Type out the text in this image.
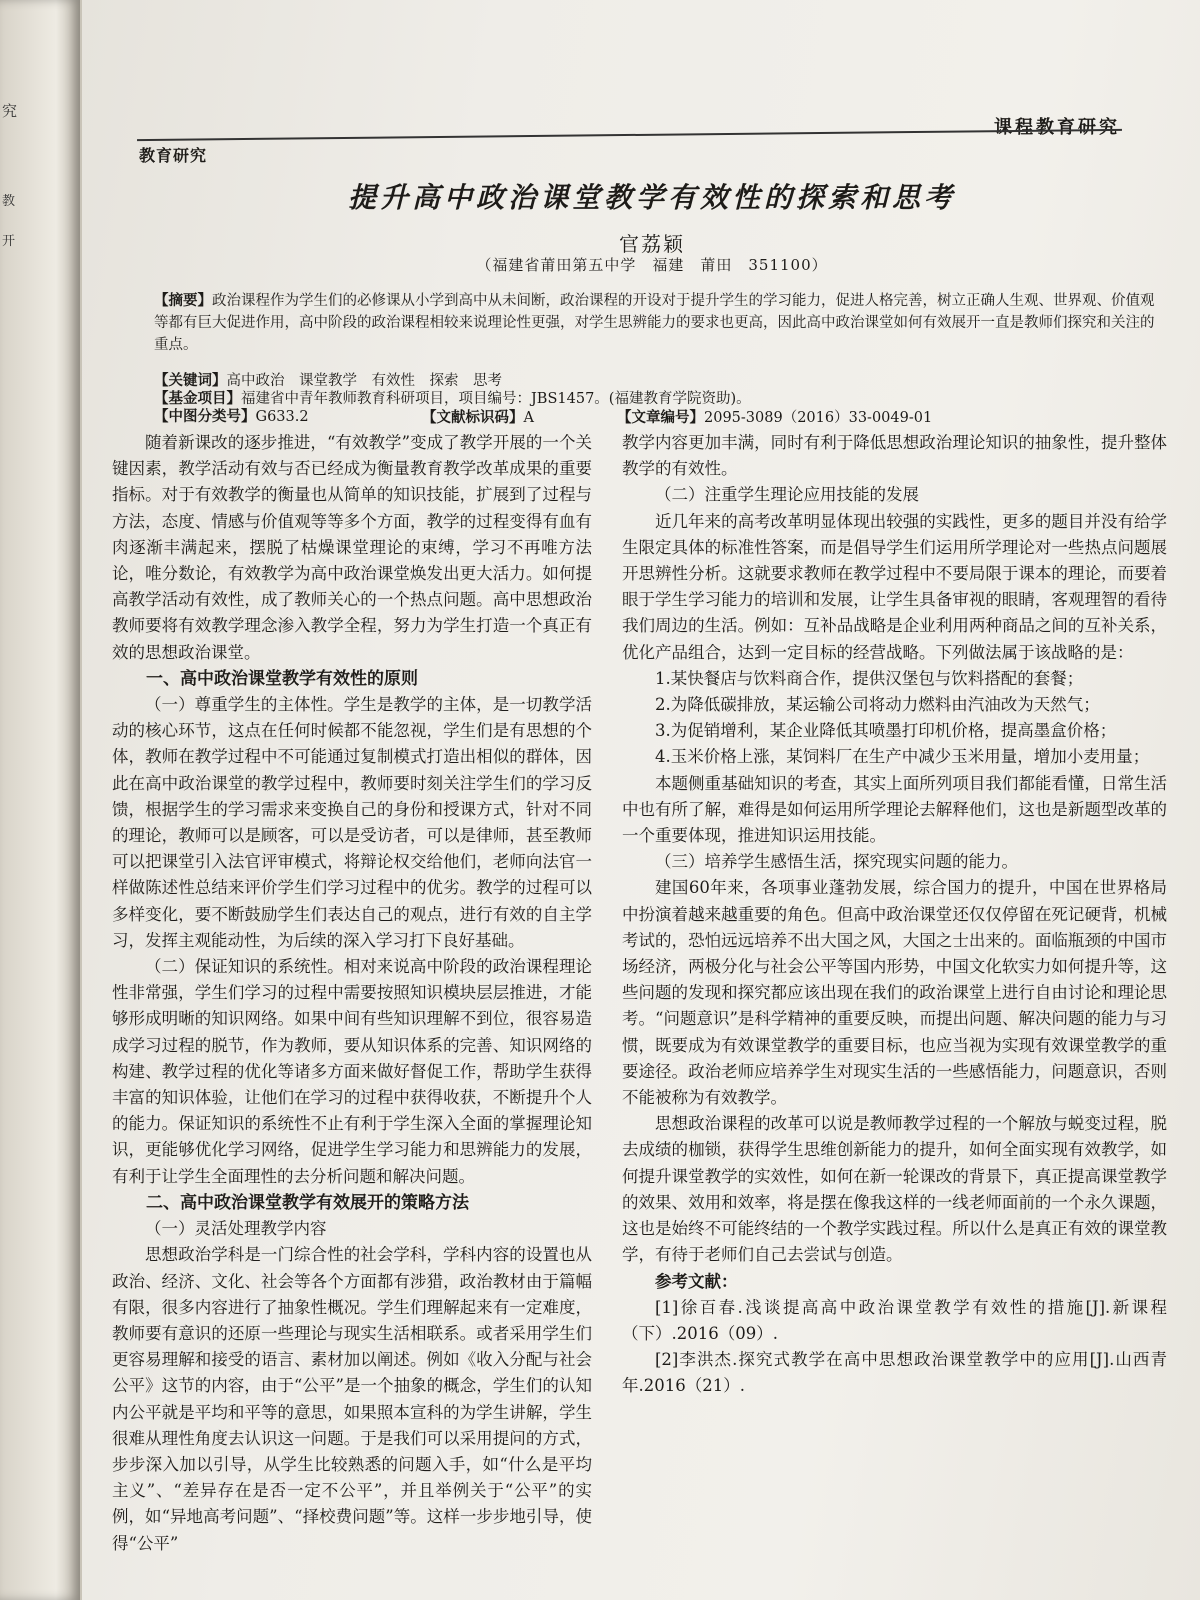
究
教
开
教育研究
课程教育研究
提升高中政治课堂教学有效性的探索和思考
官荔颖
（福建省莆田第五中学　福建　莆田　351100）
【摘要】政治课程作为学生们的必修课从小学到高中从未间断，政治课程的开设对于提升学生的学习能力，促进人格完善，树立正确人生观、世界观、价值观等都有巨大促进作用，高中阶段的政治课程相较来说理论性更强，对学生思辨能力的要求也更高，因此高中政治课堂如何有效展开一直是教师们探究和关注的重点。
【关键词】高中政治　课堂教学　有效性　探索　思考
【基金项目】福建省中青年教师教育科研项目，项目编号：JBS1457。(福建教育学院资助)。
【中图分类号】G633.2	【文献标识码】A	【文章编号】2095-3089（2016）33-0049-01

随着新课改的逐步推进，“有效教学”变成了教学开展的一个关键因素，教学活动有效与否已经成为衡量教育教学改革成果的重要指标。对于有效教学的衡量也从简单的知识技能，扩展到了过程与方法，态度、情感与价值观等等多个方面，教学的过程变得有血有肉逐渐丰满起来，摆脱了枯燥课堂理论的束缚，学习不再唯方法论，唯分数论，有效教学为高中政治课堂焕发出更大活力。如何提高教学活动有效性，成了教师关心的一个热点问题。高中思想政治教师要将有效教学理念渗入教学全程，努力为学生打造一个真正有效的思想政治课堂。

一、高中政治课堂教学有效性的原则

（一）尊重学生的主体性。学生是教学的主体，是一切教学活动的核心环节，这点在任何时候都不能忽视，学生们是有思想的个体，教师在教学过程中不可能通过复制模式打造出相似的群体，因此在高中政治课堂的教学过程中，教师要时刻关注学生们的学习反馈，根据学生的学习需求来变换自己的身份和授课方式，针对不同的理论，教师可以是顾客，可以是受访者，可以是律师，甚至教师可以把课堂引入法官评审模式，将辩论权交给他们，老师向法官一样做陈述性总结来评价学生们学习过程中的优劣。教学的过程可以多样变化，要不断鼓励学生们表达自己的观点，进行有效的自主学习，发挥主观能动性，为后续的深入学习打下良好基础。

（二）保证知识的系统性。相对来说高中阶段的政治课程理论性非常强，学生们学习的过程中需要按照知识模块层层推进，才能够形成明晰的知识网络。如果中间有些知识理解不到位，很容易造成学习过程的脱节，作为教师，要从知识体系的完善、知识网络的构建、教学过程的优化等诸多方面来做好督促工作，帮助学生获得丰富的知识体验，让他们在学习的过程中获得收获，不断提升个人的能力。保证知识的系统性不止有利于学生深入全面的掌握理论知识，更能够优化学习网络，促进学生学习能力和思辨能力的发展，有利于让学生全面理性的去分析问题和解决问题。

二、高中政治课堂教学有效展开的策略方法
（一）灵活处理教学内容

思想政治学科是一门综合性的社会学科，学科内容的设置也从政治、经济、文化、社会等各个方面都有涉猎，政治教材由于篇幅有限，很多内容进行了抽象性概况。学生们理解起来有一定难度，教师要有意识的还原一些理论与现实生活相联系。或者采用学生们更容易理解和接受的语言、素材加以阐述。例如《收入分配与社会公平》这节的内容，由于“公平”是一个抽象的概念，学生们的认知内公平就是平均和平等的意思，如果照本宣科的为学生讲解，学生很难从理性角度去认识这一问题。于是我们可以采用提问的方式，步步深入加以引导，从学生比较熟悉的问题入手，如“什么是平均主义”、“差异存在是否一定不公平”，并且举例关于“公平”的实例，如“异地高考问题”、“择校费问题”等。这样一步步地引导，使得“公平”

教学内容更加丰满，同时有利于降低思想政治理论知识的抽象性，提升整体教学的有效性。

（二）注重学生理论应用技能的发展

近几年来的高考改革明显体现出较强的实践性，更多的题目并没有给学生限定具体的标准性答案，而是倡导学生们运用所学理论对一些热点问题展开思辨性分析。这就要求教师在教学过程中不要局限于课本的理论，而要着眼于学生学习能力的培训和发展，让学生具备审视的眼睛，客观理智的看待我们周边的生活。例如：互补品战略是企业利用两种商品之间的互补关系，优化产品组合，达到一定目标的经营战略。下列做法属于该战略的是：

1.某快餐店与饮料商合作，提供汉堡包与饮料搭配的套餐；
2.为降低碳排放，某运输公司将动力燃料由汽油改为天然气；
3.为促销增利，某企业降低其喷墨打印机价格，提高墨盒价格；
4.玉米价格上涨，某饲料厂在生产中减少玉米用量，增加小麦用量；

本题侧重基础知识的考查，其实上面所列项目我们都能看懂，日常生活中也有所了解，难得是如何运用所学理论去解释他们，这也是新题型改革的一个重要体现，推进知识运用技能。

（三）培养学生感悟生活，探究现实问题的能力。

建国60年来，各项事业蓬勃发展，综合国力的提升，中国在世界格局中扮演着越来越重要的角色。但高中政治课堂还仅仅停留在死记硬背，机械考试的，恐怕远远培养不出大国之风，大国之士出来的。面临瓶颈的中国市场经济，两极分化与社会公平等国内形势，中国文化软实力如何提升等，这些问题的发现和探究都应该出现在我们的政治课堂上进行自由讨论和理论思考。“问题意识”是科学精神的重要反映，而提出问题、解决问题的能力与习惯，既要成为有效课堂教学的重要目标，也应当视为实现有效课堂教学的重要途径。政治老师应培养学生对现实生活的一些感悟能力，问题意识，否则不能被称为有效教学。

思想政治课程的改革可以说是教师教学过程的一个解放与蜕变过程，脱去成绩的枷锁，获得学生思维创新能力的提升，如何全面实现有效教学，如何提升课堂教学的实效性，如何在新一轮课改的背景下，真正提高课堂教学的效果、效用和效率，将是摆在像我这样的一线老师面前的一个永久课题，这也是始终不可能终结的一个教学实践过程。所以什么是真正有效的课堂教学，有待于老师们自己去尝试与创造。

参考文献：
[1]徐百春.浅谈提高高中政治课堂教学有效性的措施[J].新课程（下）.2016（09）.
[2]李洪杰.探究式教学在高中思想政治课堂教学中的应用[J].山西青年.2016（21）.
